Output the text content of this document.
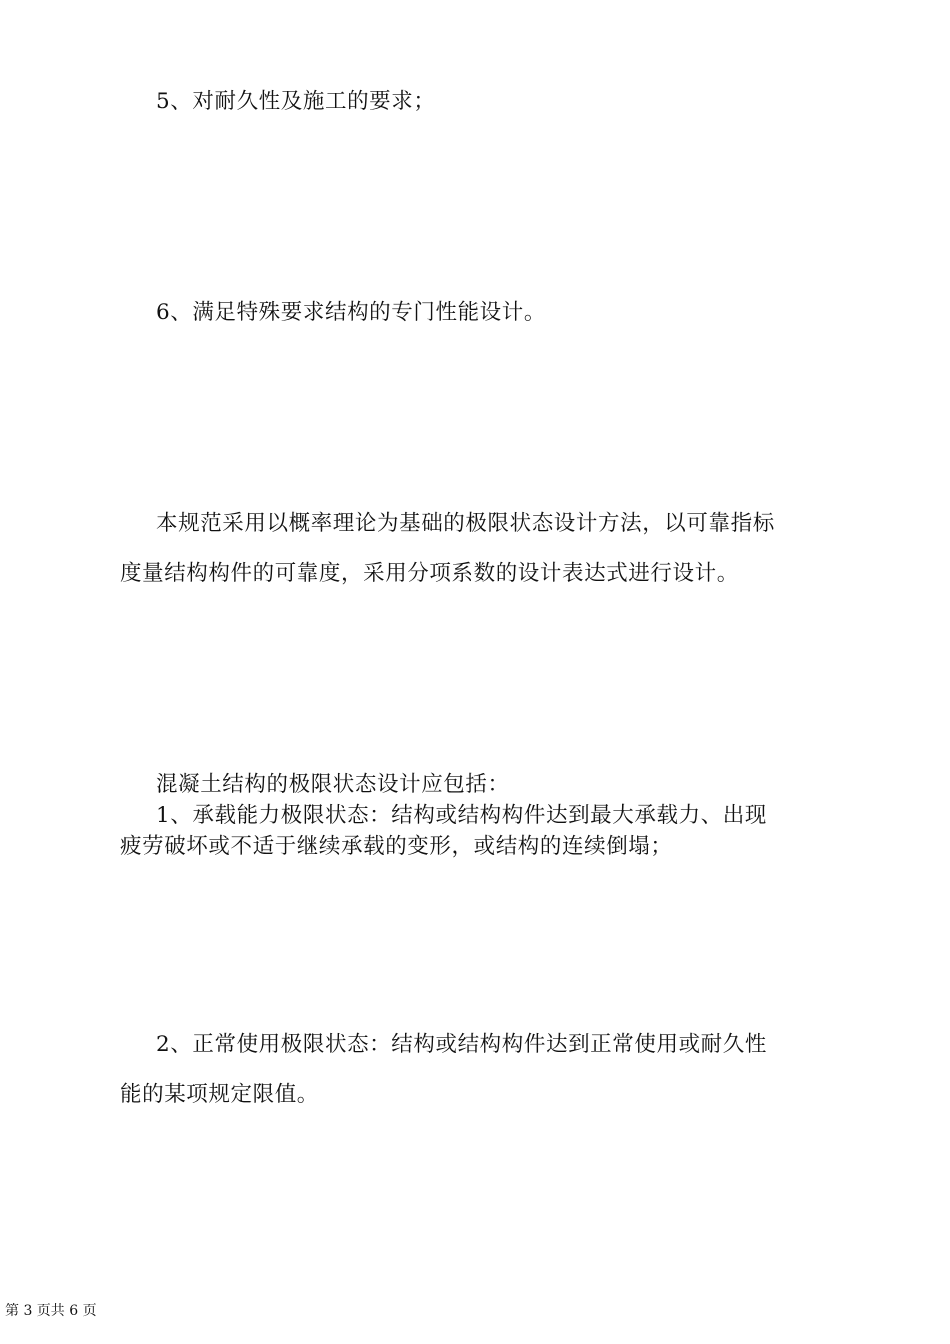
5、对耐久性及施工的要求；
6、满足特殊要求结构的专门性能设计。
本规范采用以概率理论为基础的极限状态设计方法，以可靠指标
度量结构构件的可靠度，采用分项系数的设计表达式进行设计。
混凝土结构的极限状态设计应包括：
1、承载能力极限状态：结构或结构构件达到最大承载力、出现
疲劳破坏或不适于继续承载的变形，或结构的连续倒塌；
2、正常使用极限状态：结构或结构构件达到正常使用或耐久性
能的某项规定限值。
第 3 页共 6 页
